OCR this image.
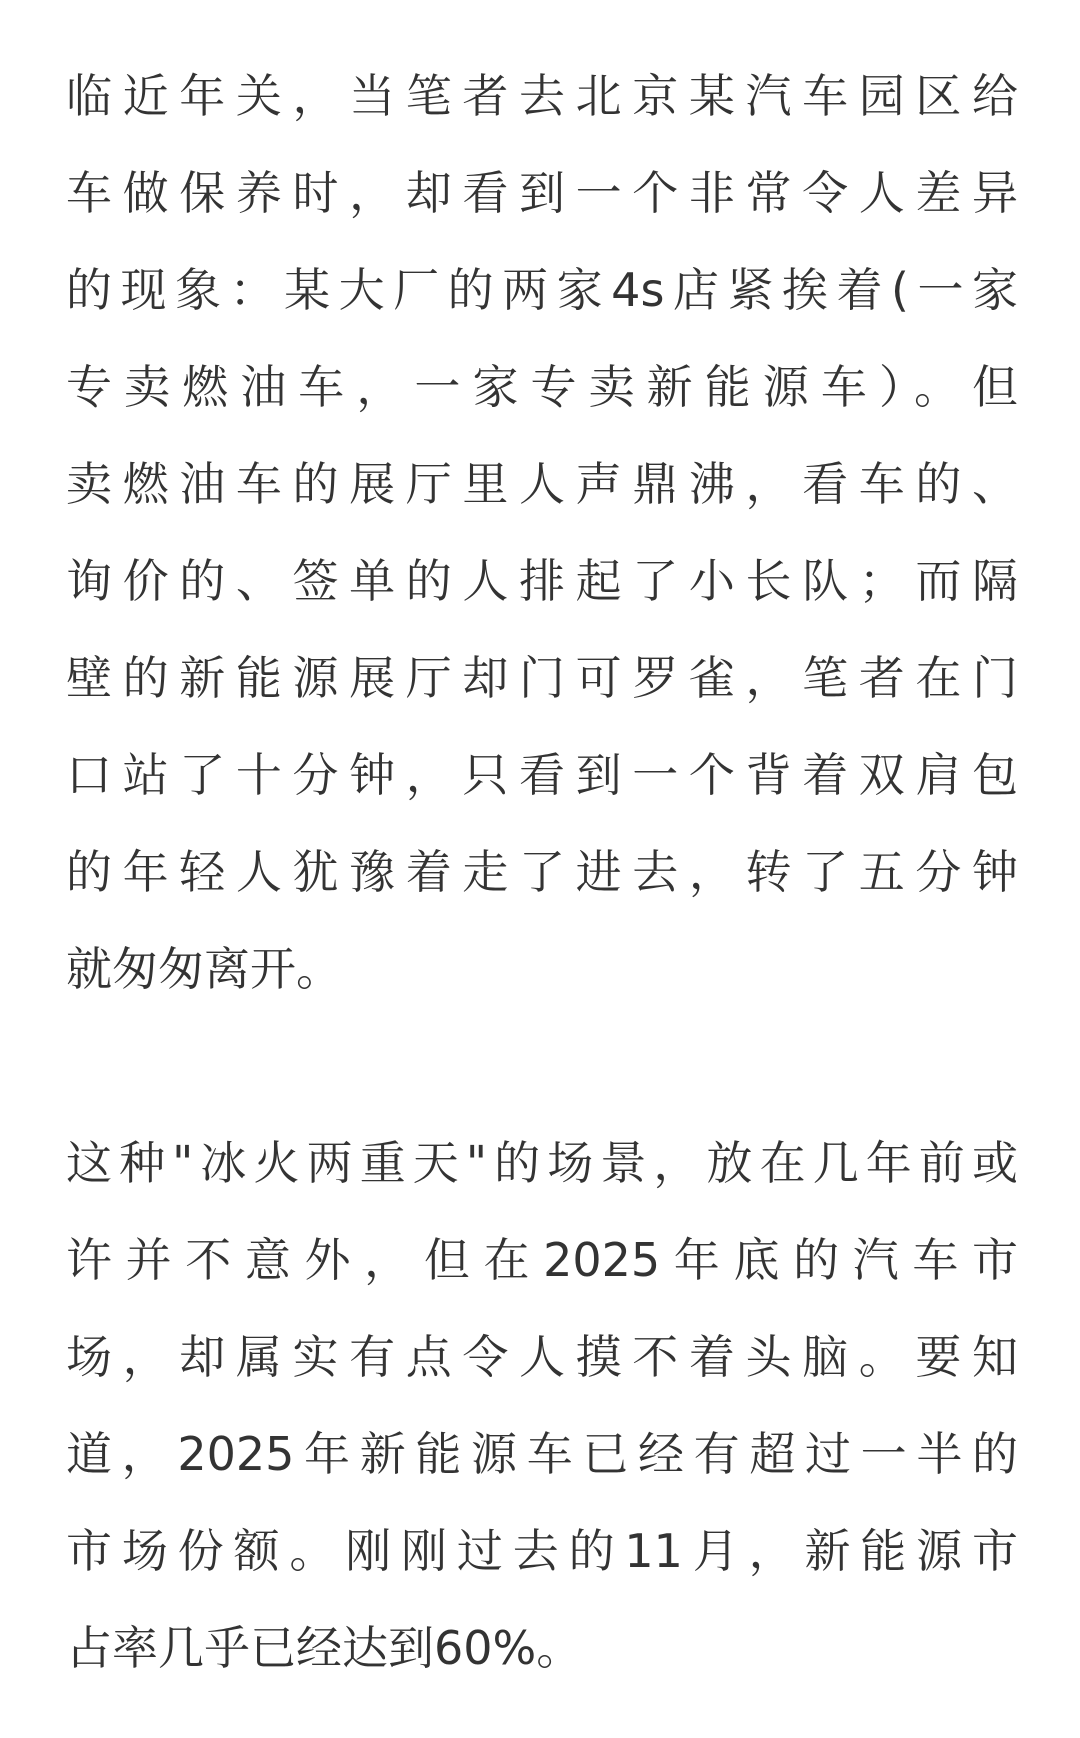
临近年关，当笔者去北京某汽车园区给
车做保养时，却看到一个非常令人差异
的现象：某大厂的两家4s店紧挨着(一家
专卖燃油车，一家专卖新能源车）。但
卖燃油车的展厅里人声鼎沸，看车的、
询价的、签单的人排起了小长队；而隔
壁的新能源展厅却门可罗雀，笔者在门
口站了十分钟，只看到一个背着双肩包
的年轻人犹豫着走了进去，转了五分钟
就匆匆离开。
这种"冰火两重天"的场景，放在几年前或
许并不意外，但在2025年底的汽车市
场，却属实有点令人摸不着头脑。要知
道，2025年新能源车已经有超过一半的
市场份额。刚刚过去的11月，新能源市
占率几乎已经达到60%。
